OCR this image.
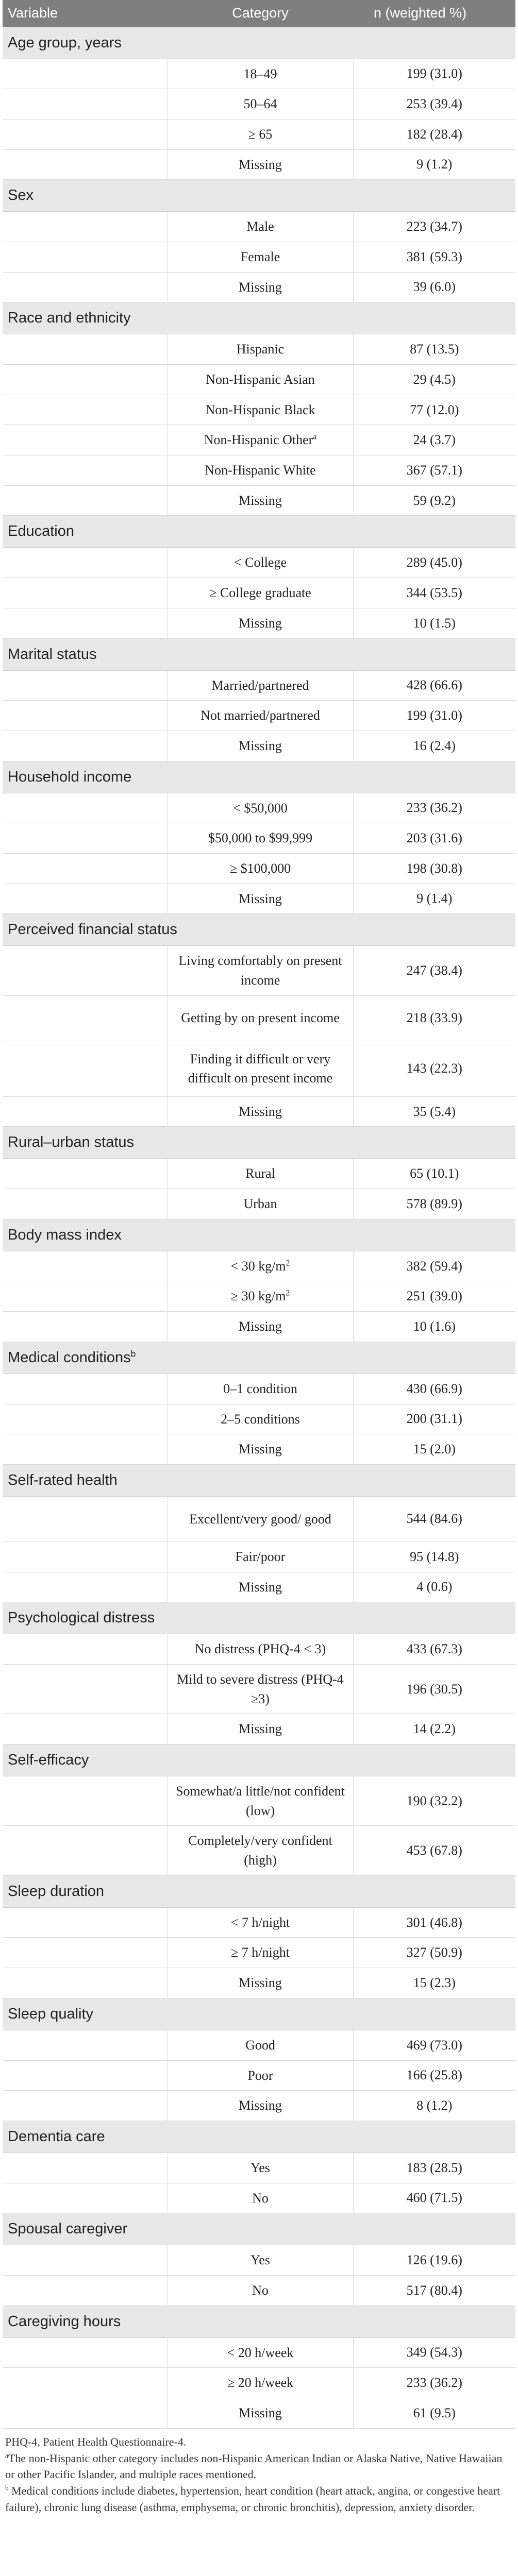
Variable	Category	n (weighted %)
Age group, years		
	18–49	199 (31.0)
	50–64	253 (39.4)
	≥ 65	182 (28.4)
	Missing	9 (1.2)
Sex		
	Male	223 (34.7)
	Female	381 (59.3)
	Missing	39 (6.0)
Race and ethnicity		
	Hispanic	87 (13.5)
	Non-Hispanic Asian	29 (4.5)
	Non-Hispanic Black	77 (12.0)
	Non-Hispanic Other$^a$	24 (3.7)
	Non-Hispanic White	367 (57.1)
	Missing	59 (9.2)
Education		
	< College	289 (45.0)
	≥ College graduate	344 (53.5)
	Missing	10 (1.5)
Marital status		
	Married/partnered	428 (66.6)
	Not married/partnered	199 (31.0)
	Missing	16 (2.4)
Household income		
	< $50,000	233 (36.2)
	$50,000 to $99,999	203 (31.6)
	≥ $100,000	198 (30.8)
	Missing	9 (1.4)
Perceived financial status		
	Living comfortably on present income	247 (38.4)
	Getting by on present income	218 (33.9)
	Finding it difficult or very difficult on present income	143 (22.3)
	Missing	35 (5.4)
Rural–urban status		
	Rural	65 (10.1)
	Urban	578 (89.9)
Body mass index		
	< 30 $kg/m^2$	382 (59.4)
	≥ 30 $kg/m^2$	251 (39.0)
	Missing	10 (1.6)
Medical conditions$^b$
	0–1 condition	430 (66.9)
	2–5 conditions	200 (31.1)
	Missing	15 (2.0)
Self-rated health		
	Excellent/very good/ good	544 (84.6)
	Fair/poor	95 (14.8)
	Missing	4 (0.6)
Psychological distress		
	No distress (PHQ-4 < 3)	433 (67.3)
	Mild to severe distress (PHQ-4 ≥3)	196 (30.5)
	Missing	14 (2.2)
Self-efficacy		
	Somewhat/a little/not confident (low)	190 (32.2)
	Completely/very confident (high)	453 (67.8)
Sleep duration		
	< 7 h/night	301 (46.8)
	≥ 7 h/night	327 (50.9)
	Missing	15 (2.3)
Sleep quality		
	Good	469 (73.0)
	Poor	166 (25.8)
	Missing	8 (1.2)
Dementia care		
	Yes	183 (28.5)
	No	460 (71.5)
Spousal caregiver		
	Yes	126 (19.6)
	No	517 (80.4)
Caregiving hours		
	< 20 h/week	349 (54.3)
	≥ 20 h/week	233 (36.2)
	Missing	61 (9.5)

PHQ-4, Patient Health Questionnaire-4.

$^a$The non-Hispanic other category includes non-Hispanic American Indian or Alaska Native, Native Hawaiian or other Pacific Islander, and multiple races mentioned.

$^b$ Medical conditions include diabetes, hypertension, heart condition (heart attack, angina, or congestive heart failure), chronic lung disease (asthma, emphysema, or chronic bronchitis), depression, anxiety disorder.
